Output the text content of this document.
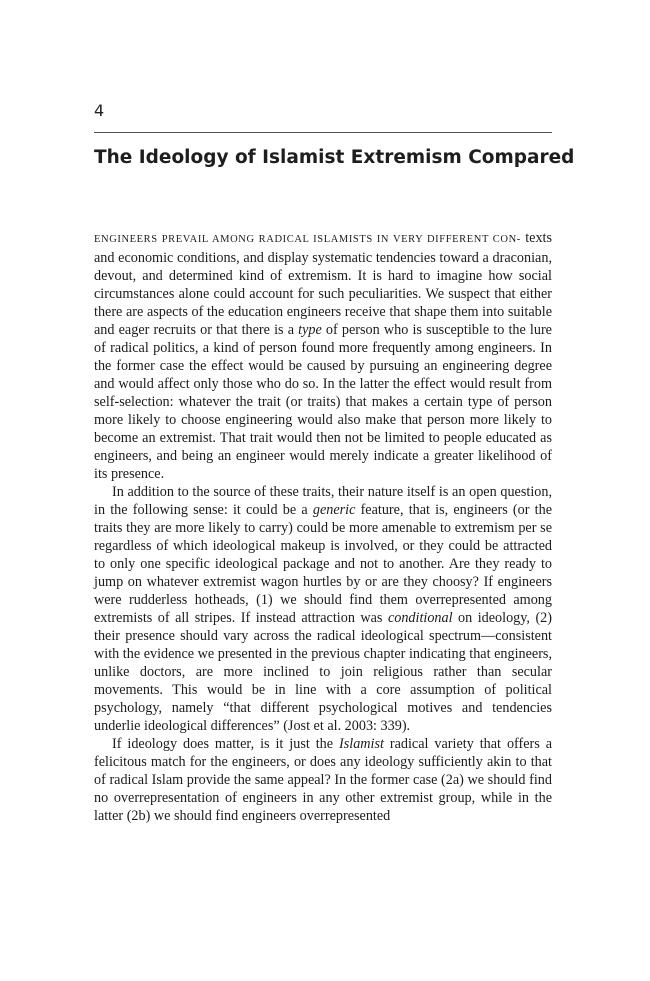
4
The Ideology of Islamist Extremism Compared

ENGINEERS PREVAIL AMONG RADICAL ISLAMISTS IN VERY DIFFERENT CON- texts and economic conditions, and display systematic tendencies toward a draconian, devout, and determined kind of extremism. It is hard to imagine how social circumstances alone could account for such peculiarities. We suspect that either there are aspects of the education engineers receive that shape them into suitable and eager recruits or that there is a type of person who is susceptible to the lure of radical politics, a kind of person found more frequently among engineers. In the former case the effect would be caused by pursuing an engineering degree and would affect only those who do so. In the latter the effect would result from self-selection: whatever the trait (or traits) that makes a certain type of person more likely to choose engineering would also make that person more likely to become an extremist. That trait would then not be limited to people educated as engineers, and being an engineer would merely indicate a greater likelihood of its presence.

In addition to the source of these traits, their nature itself is an open question, in the following sense: it could be a generic feature, that is, engineers (or the traits they are more likely to carry) could be more amenable to extremism per se regardless of which ideological makeup is involved, or they could be attracted to only one specific ideological package and not to another. Are they ready to jump on whatever extremist wagon hurtles by or are they choosy? If engineers were rudderless hotheads, (1) we should find them overrepresented among extremists of all stripes. If instead attraction was conditional on ideology, (2) their presence should vary across the radical ideological spectrum—consistent with the evidence we presented in the previous chapter indicating that engineers, unlike doctors, are more inclined to join religious rather than secular movements. This would be in line with a core assumption of political psychology, namely “that different psychological motives and tendencies underlie ideological differences” (Jost et al. 2003: 339).

If ideology does matter, is it just the Islamist radical variety that offers a felicitous match for the engineers, or does any ideology sufficiently akin to that of radical Islam provide the same appeal? In the former case (2a) we should find no overrepresentation of engineers in any other extremist group, while in the latter (2b) we should find engineers overrepresented
